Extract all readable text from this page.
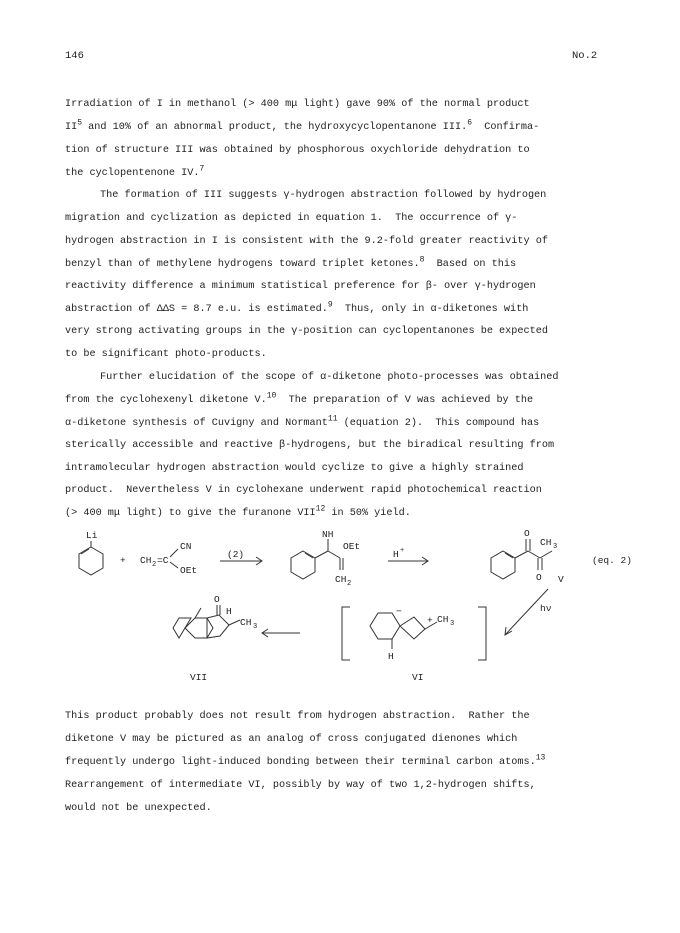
146	No.2
Irradiation of I in methanol (> 400 mμ light) gave 90% of the normal product
$II^5$ and 10% of an abnormal product, the hydroxycyclopentanone III.$^6$  Confirma-
tion of structure III was obtained by phosphorous oxychloride dehydration to
the cyclopentenone IV.$^7$
The formation of III suggests γ-hydrogen abstraction followed by hydrogen
migration and cyclization as depicted in equation 1.  The occurrence of γ-
hydrogen abstraction in I is consistent with the 9.2-fold greater reactivity of
benzyl than of methylene hydrogens toward triplet ketones.$^8$  Based on this
reactivity difference a minimum statistical preference for β- over γ-hydrogen
abstraction of ΔΔS = 8.7 e.u. is estimated.$^9$  Thus, only in α-diketones with
very strong activating groups in the γ-position can cyclopentanones be expected
to be significant photo-products.
Further elucidation of the scope of α-diketone photo-processes was obtained
from the cyclohexenyl diketone V.$^{10}$  The preparation of V was achieved by the
α-diketone synthesis of Cuvigny and Normant$^{11}$ (equation 2).  This compound has
sterically accessible and reactive β-hydrogens, but the biradical resulting from
intramolecular hydrogen abstraction would cyclize to give a highly strained
product.  Nevertheless V in cyclohexane underwent rapid photochemical reaction
(> 400 mμ light) to give the furanone VII$^{12}$ in 50% yield.
Li
+ CH 2 =C
CN
OEt
(2)
NH
OEt
CH 2
H +
O
CH 3
O V
(eq. 2)
hν
O
H
CH 3
VII
−
+ CH 3
H
VI
This product probably does not result from hydrogen abstraction.  Rather the
diketone V may be pictured as an analog of cross conjugated dienones which
frequently undergo light-induced bonding between their terminal carbon atoms.$^{13}$
Rearrangement of intermediate VI, possibly by way of two 1,2-hydrogen shifts,
would not be unexpected.
